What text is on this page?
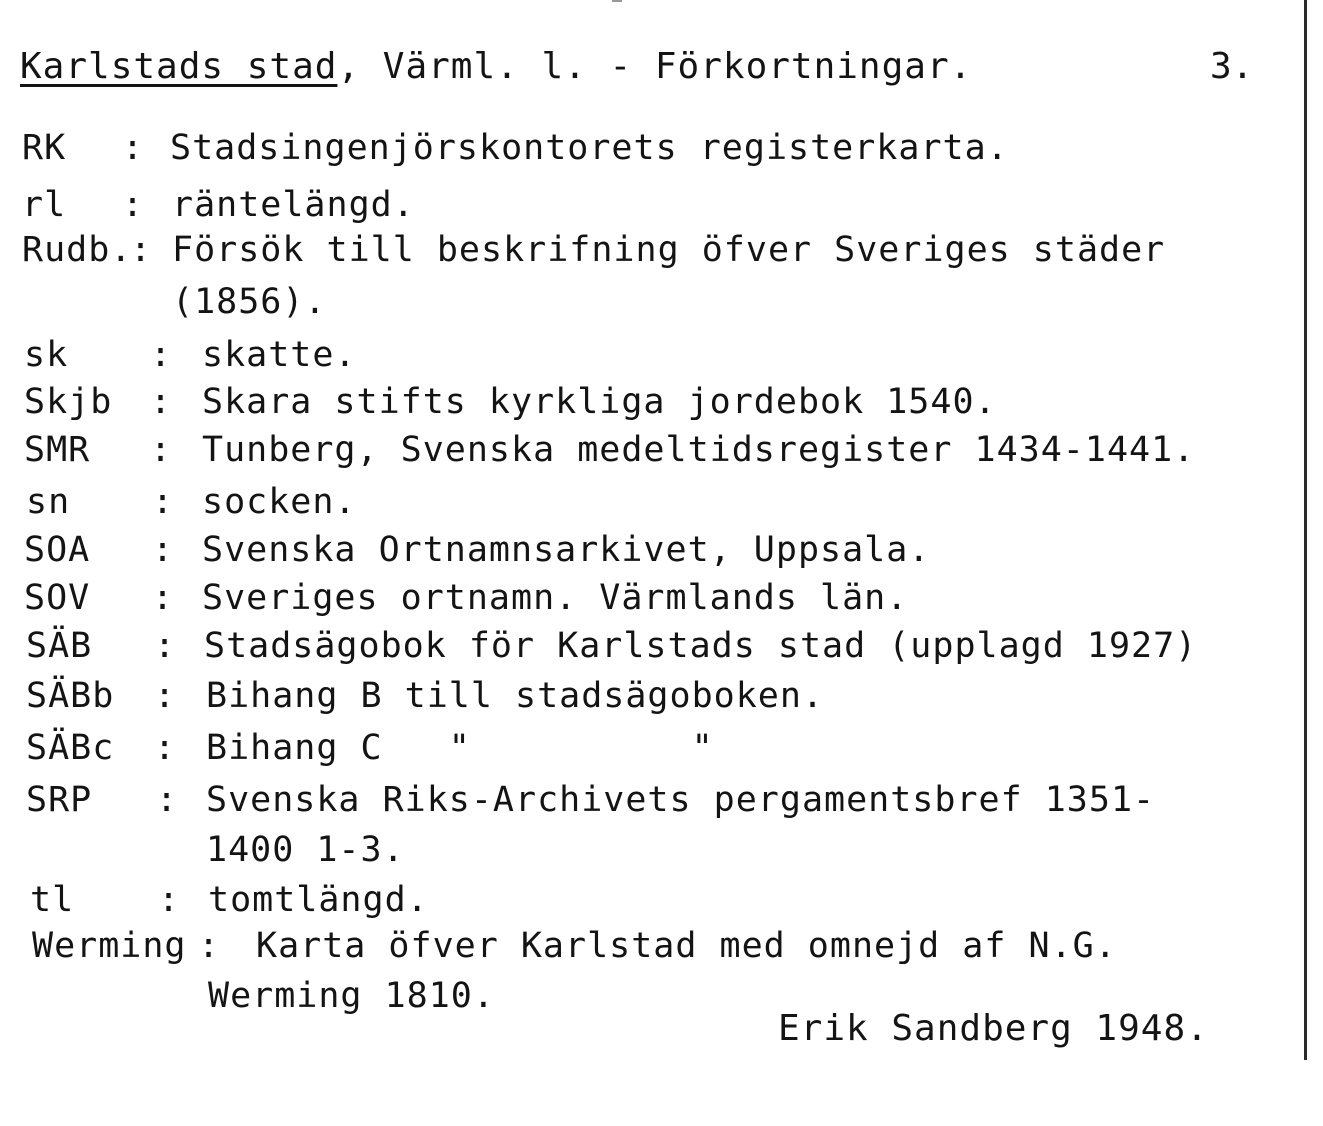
Karlstads stad, Värml. l. - Förkortningar.	3.

RK

:

Stadsingenjörskontorets registerkarta.

rl

:

räntelängd.

Rudb.

:

Försök till beskrifning öfver Sveriges städer

(1856).

sk

:

skatte.

Skjb

:

Skara stifts kyrkliga jordebok 1540.

SMR

:

Tunberg, Svenska medeltidsregister 1434-1441.

sn

:

socken.

SOA

:

Svenska Ortnamnsarkivet, Uppsala.

SOV

:

Sveriges ortnamn. Värmlands län.

SÄB

:

Stadsägobok för Karlstads stad (upplagd 1927)

SÄBb

:

Bihang B till stadsägoboken.

SÄBc

:

Bihang C   "          "

SRP

:

Svenska Riks-Archivets pergamentsbref 1351-

1400 1-3.

tl

:

tomtlängd.

Werming

:

Karta öfver Karlstad med omnejd af N.G.

Werming 1810.
Erik Sandberg 1948.
